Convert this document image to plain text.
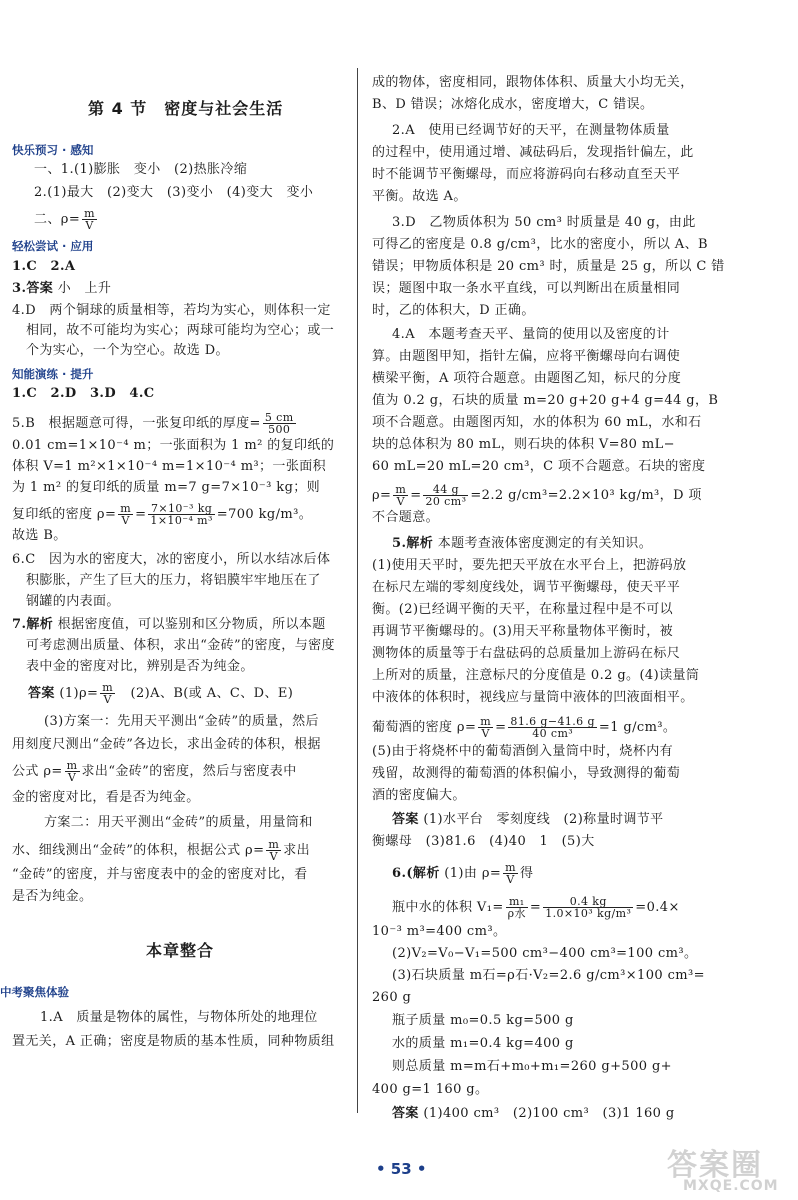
第 4 节　密度与社会生活
快乐预习 · 感知
一、1.(1)膨胀　变小　(2)热胀冷缩
2.(1)最大　(2)变大　(3)变小　(4)变大　变小
二、$\rho= \frac{m}{V}$
轻松尝试 · 应用
1.C　2.A
3.答案 小　上升
4.D　两个铜球的质量相等，若均为实心，则体积一定
相同，故不可能均为实心；两球可能均为空心；或一
个为实心，一个为空心。故选 D。
知能演练 · 提升
1.C　2.D　3.D　4.C
5.B　根据题意可得，一张复印纸的厚度= $\frac{5 cm}{500}$
0.01 cm=1×10⁻⁴ m；一张面积为 1 m² 的复印纸的
体积 V=1 m²×1×10⁻⁴ m=1×10⁻⁴ m³；一张面积
为 1 m² 的复印纸的质量 m=7 g=7×10⁻³ kg；则
复印纸的密度 $\rho= \frac{m}{V} = \frac{\text{7×10⁻³ kg}}{\text{1×10⁻⁴ m³}} =700$ kg/m³。
故选 B。
6.C　因为水的密度大，冰的密度小，所以水结冰后体
积膨胀，产生了巨大的压力，将铝膜牢牢地压在了
钢罐的内表面。
7.解析 根据密度值，可以鉴别和区分物质，所以本题
可考虑测出质量、体积，求出“金砖”的密度，与密度
表中金的密度对比，辨别是否为纯金。
答案 $(1)\rho= \frac{m}{V}$ 　(2)A、B(或 A、C、D、E)
(3)方案一：先用天平测出“金砖”的质量，然后
用刻度尺测出“金砖”各边长，求出金砖的体积，根据
公式 $\rho= \frac{m}{V}$ 求出“金砖”的密度，然后与密度表中
金的密度对比，看是否为纯金。
方案二：用天平测出“金砖”的质量，用量筒和
水、细线测出“金砖”的体积，根据公式 $\rho= \frac{m}{V}$ 求出
“金砖”的密度，并与密度表中的金的密度对比，看
是否为纯金。
本章整合
中考聚焦体验
1.A　质量是物体的属性，与物体所处的地理位
置无关，A 正确；密度是物质的基本性质，同种物质组
成的物体，密度相同，跟物体体积、质量大小均无关，
B、D 错误；冰熔化成水，密度增大，C 错误。
2.A　使用已经调节好的天平，在测量物体质量
的过程中，使用通过增、减砝码后，发现指针偏左，此
时不能调节平衡螺母，而应将游码向右移动直至天平
平衡。故选 A。
3.D　乙物质体积为 50 cm³ 时质量是 40 g，由此
可得乙的密度是 0.8 g/cm³，比水的密度小，所以 A、B
错误；甲物质体积是 20 cm³ 时，质量是 25 g，所以 C 错
误；题图中取一条水平直线，可以判断出在质量相同
时，乙的体积大，D 正确。
4.A　本题考查天平、量筒的使用以及密度的计
算。由题图甲知，指针左偏，应将平衡螺母向右调使
横梁平衡，A 项符合题意。由题图乙知，标尺的分度
值为 0.2 g，石块的质量 m=20 g+20 g+4 g=44 g，B
项不合题意。由题图丙知，水的体积为 60 mL，水和石
块的总体积为 80 mL，则石块的体积 V=80 mL−
60 mL=20 mL=20 cm³，C 项不合题意。石块的密度
$\rho= \frac{m}{V} = \frac{44 g}{\text{20 cm³}} =2.2$ g/cm³=2.2×10³ kg/m³，D 项
不合题意。
5.解析 本题考查液体密度测定的有关知识。
(1)使用天平时，要先把天平放在水平台上，把游码放
在标尺左端的零刻度线处，调节平衡螺母，使天平平
衡。(2)已经调平衡的天平，在称量过程中是不可以
再调节平衡螺母的。(3)用天平称量物体平衡时，被
测物体的质量等于右盘砝码的总质量加上游码在标尺
上所对的质量，注意标尺的分度值是 0.2 g。(4)读量筒
中液体的体积时，视线应与量筒中液体的凹液面相平。
葡萄酒的密度 $\rho= \frac{m}{V} = \frac{81.6 g-41.6 g}{\text{40 cm³}} =1$ g/cm³。
(5)由于将烧杯中的葡萄酒倒入量筒中时，烧杯内有
残留，故测得的葡萄酒的体积偏小，导致测得的葡萄
酒的密度偏大。
答案 (1)水平台　零刻度线　(2)称量时调节平
衡螺母　(3)81.6　(4)40　1　(5)大
6.(解析 (1)由 $\rho= \frac{m}{V}$ 得
瓶中水的体积 $V_1= \frac{\text{m₁}}{\text{ρ水}} = \frac{0.4 kg}{\text{1.0×10³ kg/m³}} =0.4\times$
10⁻³ m³=400 cm³。
(2)V₂=V₀−V₁=500 cm³−400 cm³=100 cm³。
(3)石块质量 m石=ρ石·V₂=2.6 g/cm³×100 cm³=
260 g
瓶子质量 m₀=0.5 kg=500 g
水的质量 m₁=0.4 kg=400 g
则总质量 m=m石+m₀+m₁=260 g+500 g+
400 g=1 160 g。
答案 (1)400 cm³　(2)100 cm³　(3)1 160 g
• 53 •	答案圈
MXQE.COM
